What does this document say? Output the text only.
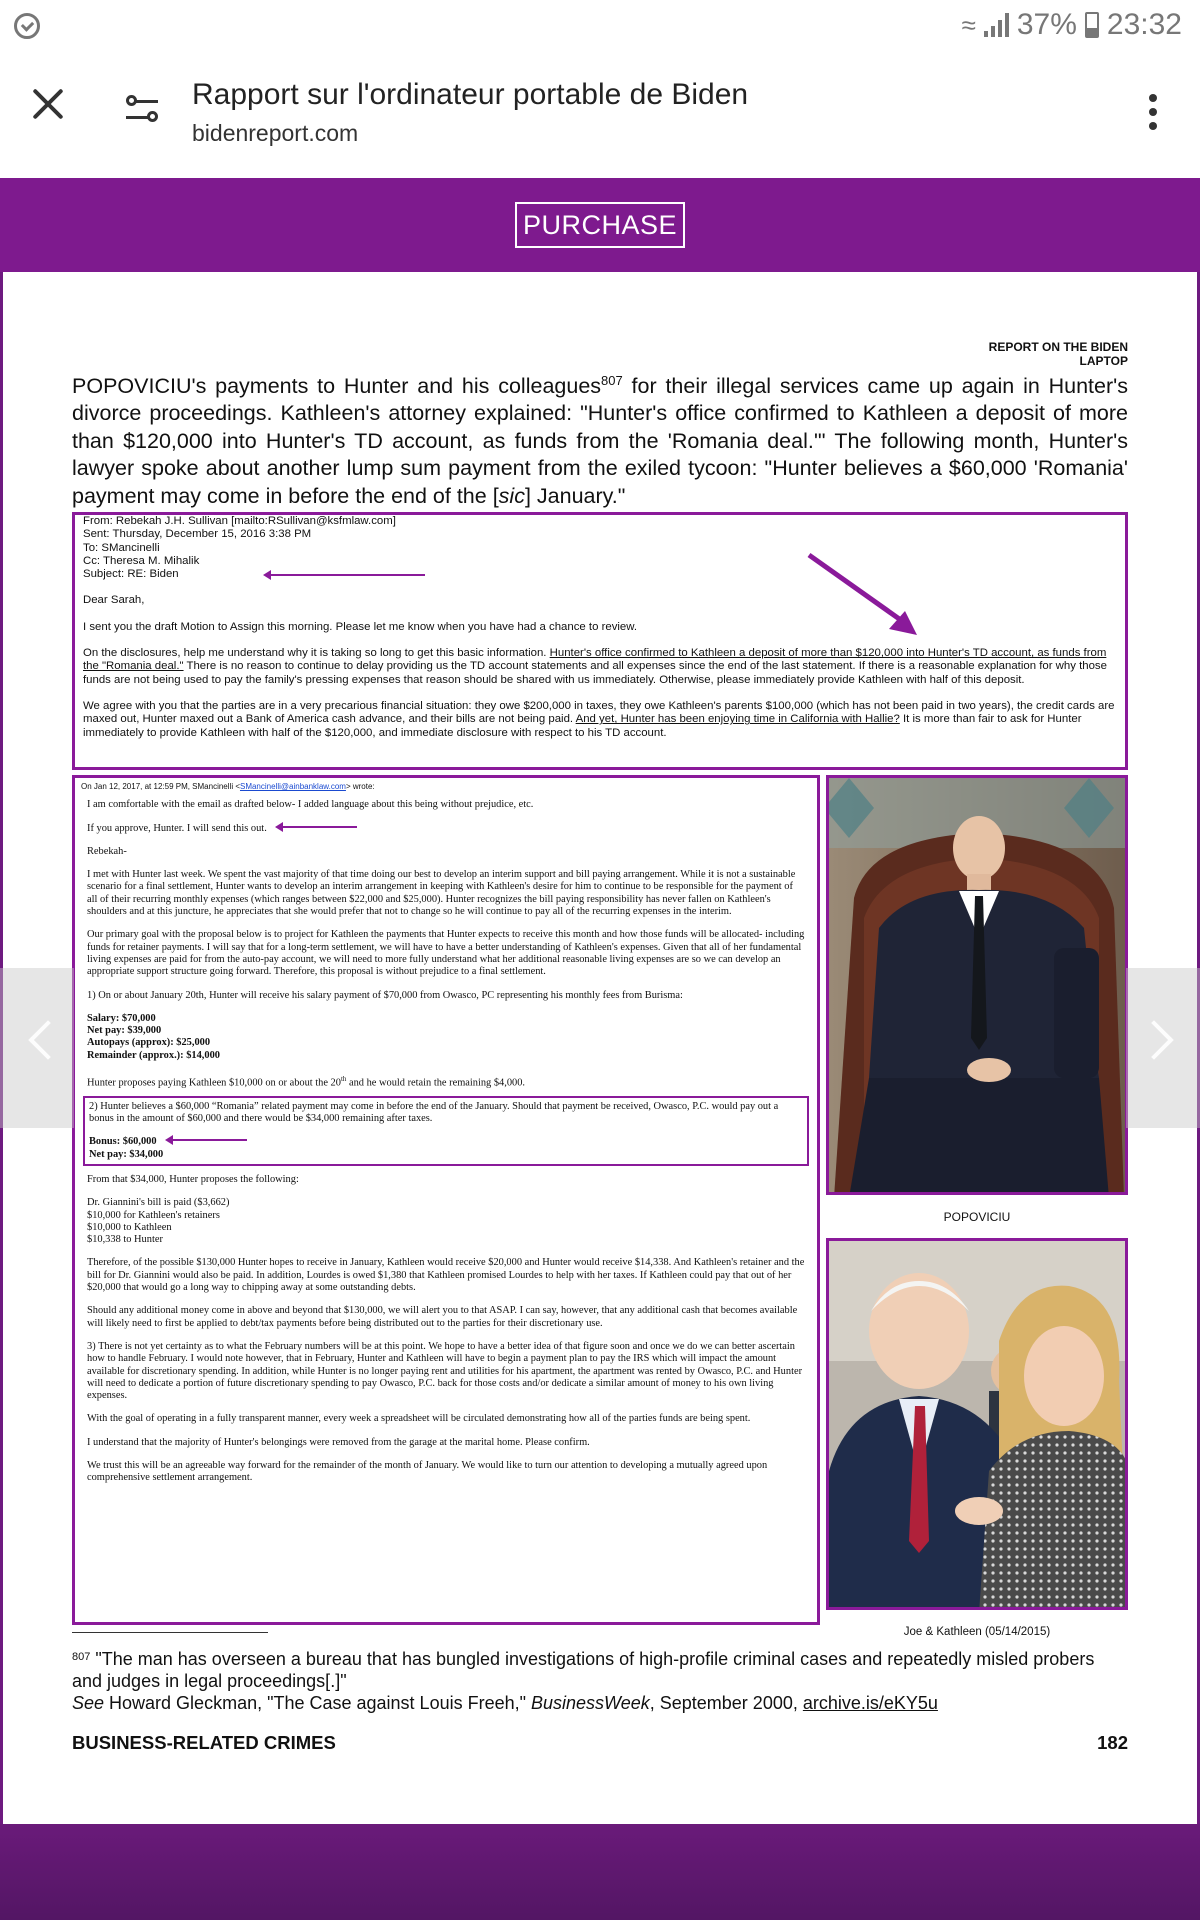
≈ 37% 23:32
Rapport sur l'ordinateur portable de Biden
bidenreport.com
PURCHASE
REPORT ON THE BIDEN LAPTOP
POPOVICIU's payments to Hunter and his colleagues$^{807}$ for their illegal services came up again in Hunter's divorce proceedings. Kathleen's attorney explained: "Hunter's office confirmed to Kathleen a deposit of more than $120,000 into Hunter's TD account, as funds from the 'Romania deal.'" The following month, Hunter's lawyer spoke about another lump sum payment from the exiled tycoon: "Hunter believes a $60,000 'Romania' payment may come in before the end of the [sic] January."

From: Rebekah J.H. Sullivan [mailto:RSullivan@ksfmlaw.com]

Sent: Thursday, December 15, 2016 3:38 PM

To: SMancinelli

Cc: Theresa M. Mihalik

Subject: RE: Biden

Dear Sarah,

I sent you the draft Motion to Assign this morning. Please let me know when you have had a chance to review.

On the disclosures, help me understand why it is taking so long to get this basic information. Hunter's office confirmed to Kathleen a deposit of more than $120,000 into Hunter's TD account, as funds from the "Romania deal." There is no reason to continue to delay providing us the TD account statements and all expenses since the end of the last statement. If there is a reasonable explanation for why those funds are not being used to pay the family's pressing expenses that reason should be shared with us immediately. Otherwise, please immediately provide Kathleen with half of this deposit.

We agree with you that the parties are in a very precarious financial situation: they owe $200,000 in taxes, they owe Kathleen's parents $100,000 (which has not been paid in two years), the credit cards are maxed out, Hunter maxed out a Bank of America cash advance, and their bills are not being paid. And yet, Hunter has been enjoying time in California with Hallie? It is more than fair to ask for Hunter immediately to provide Kathleen with half of the $120,000, and immediate disclosure with respect to his TD account.

On Jan 12, 2017, at 12:59 PM, SMancinelli <SMancinelli@ainbanklaw.com> wrote:

I am comfortable with the email as drafted below- I added language about this being without prejudice, etc.

If you approve, Hunter. I will send this out.

Rebekah-

I met with Hunter last week. We spent the vast majority of that time doing our best to develop an interim support and bill paying arrangement. While it is not a sustainable scenario for a final settlement, Hunter wants to develop an interim arrangement in keeping with Kathleen's desire for him to continue to be responsible for the payment of all of their recurring monthly expenses (which ranges between $22,000 and $25,000). Hunter recognizes the bill paying responsibility has never fallen on Kathleen's shoulders and at this juncture, he appreciates that she would prefer that not to change so he will continue to pay all of the recurring expenses in the interim.

Our primary goal with the proposal below is to project for Kathleen the payments that Hunter expects to receive this month and how those funds will be allocated- including funds for retainer payments. I will say that for a long-term settlement, we will have to have a better understanding of Kathleen's expenses. Given that all of her fundamental living expenses are paid for from the auto-pay account, we will need to more fully understand what her additional reasonable living expenses are so we can develop an appropriate support structure going forward. Therefore, this proposal is without prejudice to a final settlement.

1) On or about January 20th, Hunter will receive his salary payment of $70,000 from Owasco, PC representing his monthly fees from Burisma:

Salary: $70,000

Net pay: $39,000

Autopays (approx): $25,000

Remainder (approx.): $14,000

Hunter proposes paying Kathleen $10,000 on or about the 20th and he would retain the remaining $4,000.

2) Hunter believes a $60,000 “Romania” related payment may come in before the end of the January. Should that payment be received, Owasco, P.C. would pay out a bonus in the amount of $60,000 and there would be $34,000 remaining after taxes.

Bonus: $60,000

Net pay: $34,000

From that $34,000, Hunter proposes the following:

Dr. Giannini's bill is paid ($3,662)

$10,000 for Kathleen's retainers

$10,000 to Kathleen

$10,338 to Hunter

Therefore, of the possible $130,000 Hunter hopes to receive in January, Kathleen would receive $20,000 and Hunter would receive $14,338. And Kathleen's retainer and the bill for Dr. Giannini would also be paid. In addition, Lourdes is owed $1,380 that Kathleen promised Lourdes to help with her taxes. If Kathleen could pay that out of her $20,000 that would go a long way to chipping away at some outstanding debts.

Should any additional money come in above and beyond that $130,000, we will alert you to that ASAP. I can say, however, that any additional cash that becomes available will likely need to first be applied to debt/tax payments before being distributed out to the parties for their discretionary use.

3) There is not yet certainty as to what the February numbers will be at this point. We hope to have a better idea of that figure soon and once we do we can better ascertain how to handle February. I would note however, that in February, Hunter and Kathleen will have to begin a payment plan to pay the IRS which will impact the amount available for discretionary spending. In addition, while Hunter is no longer paying rent and utilities for his apartment, the apartment was rented by Owasco, P.C. and Hunter will need to dedicate a portion of future discretionary spending to pay Owasco, P.C. back for those costs and/or dedicate a similar amount of money to his own living expenses.

With the goal of operating in a fully transparent manner, every week a spreadsheet will be circulated demonstrating how all of the parties funds are being spent.

I understand that the majority of Hunter's belongings were removed from the garage at the marital home. Please confirm.

We trust this will be an agreeable way forward for the remainder of the month of January. We would like to turn our attention to developing a mutually agreed upon comprehensive settlement arrangement.

POPOVICIU
Joe & Kathleen (05/14/2015)
$^{807}$ "The man has overseen a bureau that has bungled investigations of high-profile criminal cases and repeatedly misled probers and judges in legal proceedings[.]"
See Howard Gleckman, "The Case against Louis Freeh," BusinessWeek, September 2000, archive.is/eKY5u
BUSINESS-RELATED CRIMES	182
